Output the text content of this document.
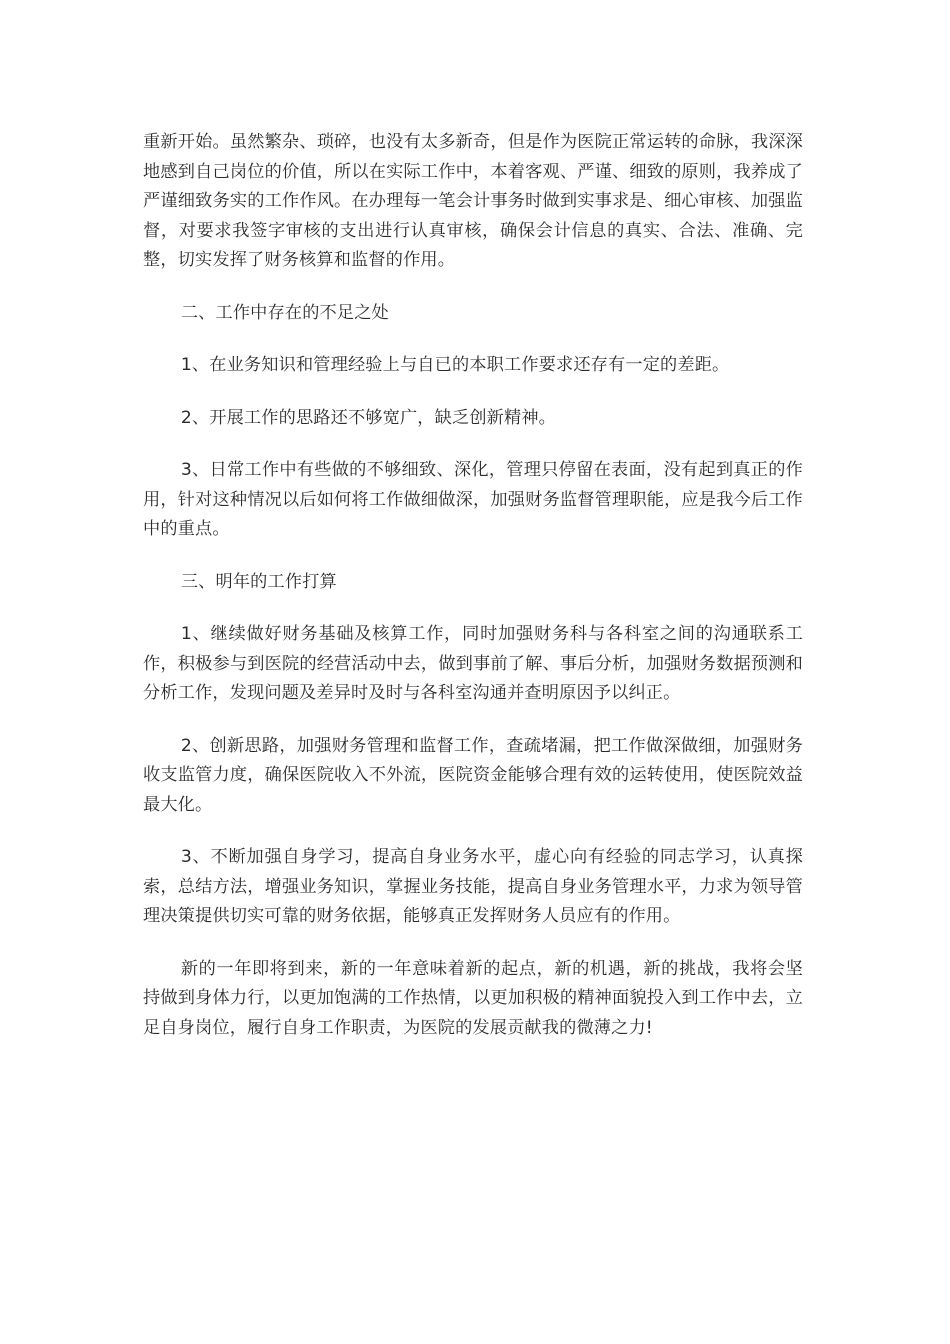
重新开始。虽然繁杂、琐碎，也没有太多新奇，但是作为医院正常运转的命脉，我深深地感到自己岗位的价值，所以在实际工作中，本着客观、严谨、细致的原则，我养成了严谨细致务实的工作作风。在办理每一笔会计事务时做到实事求是、细心审核、加强监督，对要求我签字审核的支出进行认真审核，确保会计信息的真实、合法、准确、完整，切实发挥了财务核算和监督的作用。

二、工作中存在的不足之处

1、在业务知识和管理经验上与自已的本职工作要求还存有一定的差距。

2、开展工作的思路还不够宽广，缺乏创新精神。

3、日常工作中有些做的不够细致、深化，管理只停留在表面，没有起到真正的作用，针对这种情况以后如何将工作做细做深，加强财务监督管理职能，应是我今后工作中的重点。

三、明年的工作打算

1、继续做好财务基础及核算工作，同时加强财务科与各科室之间的沟通联系工作，积极参与到医院的经营活动中去，做到事前了解、事后分析，加强财务数据预测和分析工作，发现问题及差异时及时与各科室沟通并查明原因予以纠正。

2、创新思路，加强财务管理和监督工作，查疏堵漏，把工作做深做细，加强财务收支监管力度，确保医院收入不外流，医院资金能够合理有效的运转使用，使医院效益最大化。

3、不断加强自身学习，提高自身业务水平，虚心向有经验的同志学习，认真探索，总结方法，增强业务知识，掌握业务技能，提高自身业务管理水平，力求为领导管理决策提供切实可靠的财务依据，能够真正发挥财务人员应有的作用。

新的一年即将到来，新的一年意味着新的起点，新的机遇，新的挑战，我将会坚持做到身体力行，以更加饱满的工作热情，以更加积极的精神面貌投入到工作中去，立足自身岗位，履行自身工作职责，为医院的发展贡献我的微薄之力!
